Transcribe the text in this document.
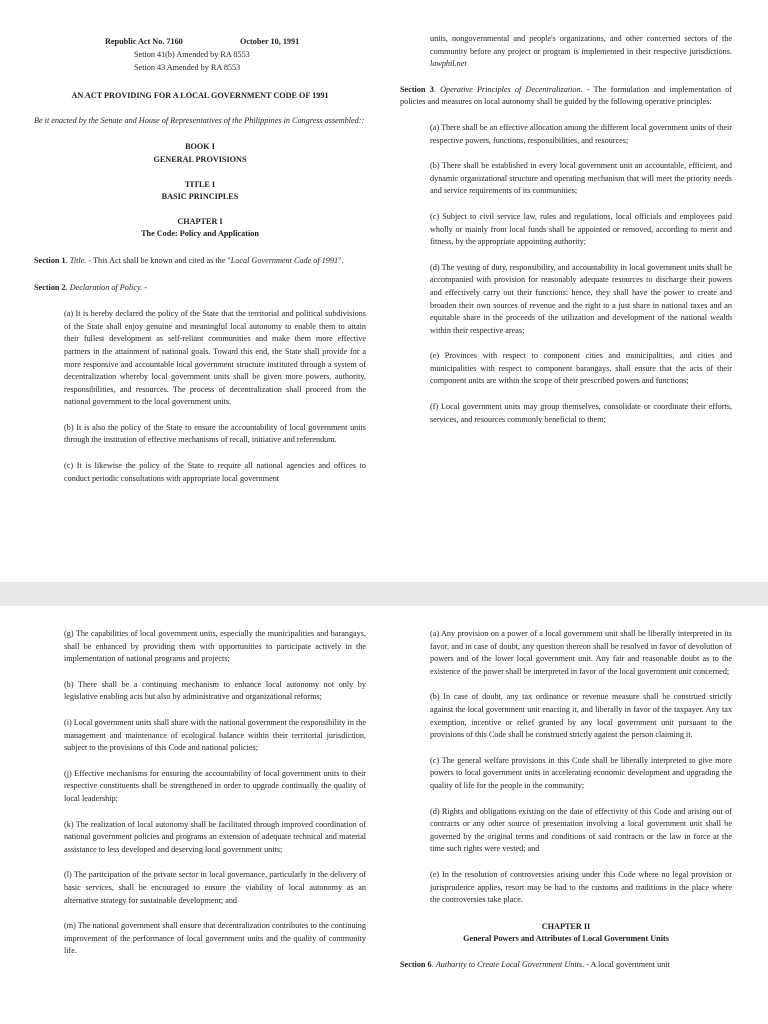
Republic Act No. 7160	October 10, 1991

Setion 41(b) Amended by RA 8553

Setion 43 Amended by RA 8553

AN ACT PROVIDING FOR A LOCAL GOVERNMENT CODE OF 1991

Be it enacted by the Senate and House of Representatives of the Philippines in Congress assembled::

BOOK I

GENERAL PROVISIONS

TITLE I

BASIC PRINCIPLES

CHAPTER I

The Code: Policy and Application

Section 1. Title. - This Act shall be known and cited as the "Local Government Code of 1991".

Section 2. Declaration of Policy. -

(a) It is hereby declared the policy of the State that the territorial and political subdivisions of the State shall enjoy genuine and meaningful local autonomy to enable them to attain their fullest development as self-reliant communities and make them more effective partners in the attainment of national goals. Toward this end, the State shall provide for a more responsive and accountable local government structure instituted through a system of decentralization whereby local government units shall be given more powers, authority, responsibilities, and resources. The process of decentralization shall proceed from the national government to the local government units.

(b) It is also the policy of the State to ensure the accountability of local government units through the institution of effective mechanisms of recall, initiative and referendum.

(c) It is likewise the policy of the State to require all national agencies and offices to conduct periodic consultations with appropriate local government

units, nongovernmental and people's organizations, and other concerned sectors of the community before any project or program is implemented in their respective jurisdictions. lawphil.net

Section 3. Operative Principles of Decentralization. - The formulation and implementation of policies and measures on local autonomy shall be guided by the following operative principles:

(a) There shall be an effective allocation among the different local government units of their respective powers, functions, responsibilities, and resources;

(b) There shall be established in every local government unit an accountable, efficient, and dynamic organizational structure and operating mechanism that will meet the priority needs and service requirements of its communities;

(c) Subject to civil service law, rules and regulations, local officials and employees paid wholly or mainly from local funds shall be appointed or removed, according to merit and fitness, by the appropriate appointing authority;

(d) The vesting of duty, responsibility, and accountability in local government units shall be accompanied with provision for reasonably adequate resources to discharge their powers and effectively carry out their functions: hence, they shall have the power to create and broaden their own sources of revenue and the right to a just share in national taxes and an equitable share in the proceeds of the utilization and development of the national wealth within their respective areas;

(e) Provinces with respect to component cities and municipalities, and cities and municipalities with respect to component barangays, shall ensure that the acts of their component units are within the scope of their prescribed powers and functions;

(f) Local government units may group themselves, consolidate or coordinate their efforts, services, and resources commonly beneficial to them;

(g) The capabilities of local government units, especially the municipalities and barangays, shall be enhanced by providing them with opportunities to participate actively in the implementation of national programs and projects;

(h) There shall be a continuing mechanism to enhance local autonomy not only by legislative enabling acts but also by administrative and organizational reforms;

(i) Local government units shall share with the national government the responsibility in the management and maintenance of ecological balance within their territorial jurisdiction, subject to the provisions of this Code and national policies;

(j) Effective mechanisms for ensuring the accountability of local government units to their respective constituents shall be strengthened in order to upgrade continually the quality of local leadership;

(k) The realization of local autonomy shall be facilitated through improved coordination of national government policies and programs an extension of adequate technical and material assistance to less developed and deserving local government units;

(l) The participation of the private sector in local governance, particularly in the delivery of basic services, shall be encouraged to ensure the viability of local autonomy as an alternative strategy for sustainable development; and

(m) The national government shall ensure that decentralization contributes to the continuing improvement of the performance of local government units and the quality of community life.

(a) Any provision on a power of a local government unit shall be liberally interpreted in its favor, and in case of doubt, any question thereon shall be resolved in favor of devolution of powers and of the lower local government unit. Any fair and reasonable doubt as to the existence of the power shall be interpreted in favor of the local government unit concerned;

(b) In case of doubt, any tax ordinance or revenue measure shall be construed strictly against the local government unit enacting it, and liberally in favor of the taxpayer. Any tax exemption, incentive or relief granted by any local government unit pursuant to the provisions of this Code shall be construed strictly against the person claiming it.

(c) The general welfare provisions in this Code shall be liberally interpreted to give more powers to local government units in accelerating economic development and upgrading the quality of life for the people in the community;

(d) Rights and obligations existing on the date of effectivity of this Code and arising out of contracts or any other source of presentation involving a local government unit shall be governed by the original terms and conditions of said contracts or the law in force at the time such rights were vested; and

(e) In the resolution of controversies arising under this Code where no legal provision or jurisprudence applies, resort may be had to the customs and traditions in the place where the controversies take place.

CHAPTER II

General Powers and Attributes of Local Government Units

Section 6. Authority to Create Local Government Units. - A local government unit
